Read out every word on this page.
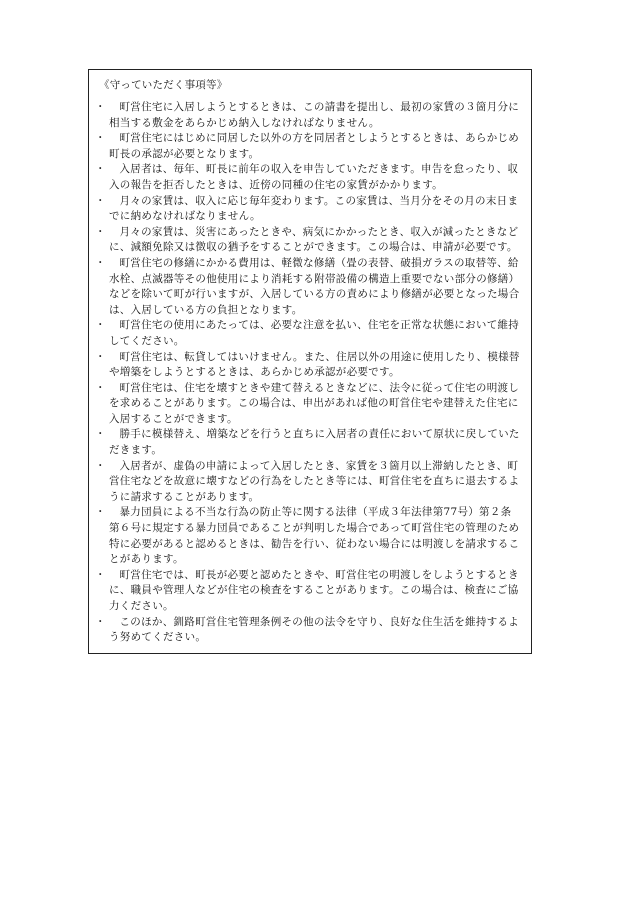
《守っていただく事項等》
・	町営住宅に入居しようとするときは、この請書を提出し、最初の家賃の３箇月分に相当する敷金をあらかじめ納入しなければなりません。
・	町営住宅にはじめに同居した以外の方を同居者としようとするときは、あらかじめ町長の承認が必要となります。
・	入居者は、毎年、町長に前年の収入を申告していただきます。申告を怠ったり、収入の報告を拒否したときは、近傍の同種の住宅の家賃がかかります。
・	月々の家賃は、収入に応じ毎年変わります。この家賃は、当月分をその月の末日までに納めなければなりません。
・	月々の家賃は、災害にあったときや、病気にかかったとき、収入が減ったときなどに、減額免除又は徴収の猶予をすることができます。この場合は、申請が必要です。
・	町営住宅の修繕にかかる費用は、軽微な修繕（畳の表替、破損ガラスの取替等、給水栓、点滅器等その他使用により消耗する附帯設備の構造上重要でない部分の修繕）などを除いて町が行いますが、入居している方の責めにより修繕が必要となった場合は、入居している方の負担となります。
・	町営住宅の使用にあたっては、必要な注意を払い、住宅を正常な状態において維持してください。
・	町営住宅は、転貸してはいけません。また、住居以外の用途に使用したり、模様替や増築をしようとするときは、あらかじめ承認が必要です。
・	町営住宅は、住宅を壊すときや建て替えるときなどに、法令に従って住宅の明渡しを求めることがあります。この場合は、申出があれば他の町営住宅や建替えた住宅に入居することができます。
・	勝手に模様替え、増築などを行うと直ちに入居者の責任において原状に戻していただきます。
・	入居者が、虚偽の申請によって入居したとき、家賃を３箇月以上滞納したとき、町営住宅などを故意に壊すなどの行為をしたとき等には、町営住宅を直ちに退去するように請求することがあります。
・	暴力団員による不当な行為の防止等に関する法律（平成３年法律第77号）第２条第６号に規定する暴力団員であることが判明した場合であって町営住宅の管理のため特に必要があると認めるときは、勧告を行い、従わない場合には明渡しを請求することがあります。
・	町営住宅では、町長が必要と認めたときや、町営住宅の明渡しをしようとするときに、職員や管理人などが住宅の検査をすることがあります。この場合は、検査にご協力ください。
・	このほか、釧路町営住宅管理条例その他の法令を守り、良好な住生活を維持するよう努めてください。
